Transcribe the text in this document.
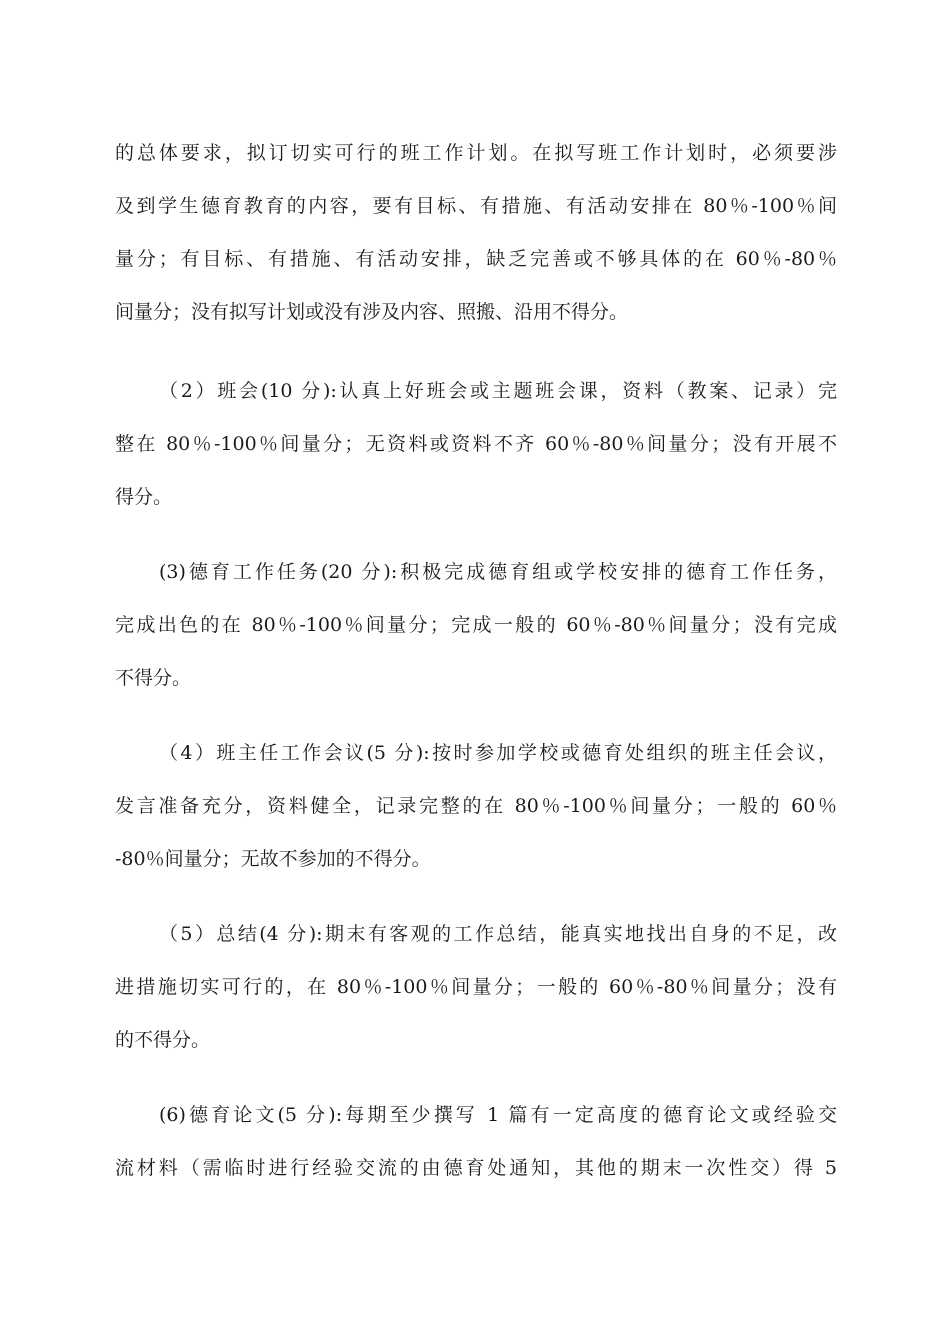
的总体要求，拟订切实可行的班工作计划。在拟写班工作计划时，必须要涉
及到学生德育教育的内容，要有目标、有措施、有活动安排在 80％-100％间
量分；有目标、有措施、有活动安排，缺乏完善或不够具体的在 60％-80％
间量分；没有拟写计划或没有涉及内容、照搬、沿用不得分。
（2）班会(10 分):认真上好班会或主题班会课，资料（教案、记录）完
整在 80％-100％间量分；无资料或资料不齐 60％-80％间量分；没有开展不
得分。
(3)德育工作任务(20 分):积极完成德育组或学校安排的德育工作任务，
完成出色的在 80％-100％间量分；完成一般的 60％-80％间量分；没有完成
不得分。
（4）班主任工作会议(5 分):按时参加学校或德育处组织的班主任会议，
发言准备充分，资料健全，记录完整的在 80％-100％间量分；一般的 60％
-80％间量分；无故不参加的不得分。
（5）总结(4 分):期末有客观的工作总结，能真实地找出自身的不足，改
进措施切实可行的，在 80％-100％间量分；一般的 60％-80％间量分；没有
的不得分。
(6)德育论文(5 分):每期至少撰写 1 篇有一定高度的德育论文或经验交
流材料（需临时进行经验交流的由德育处通知，其他的期末一次性交）得 5
